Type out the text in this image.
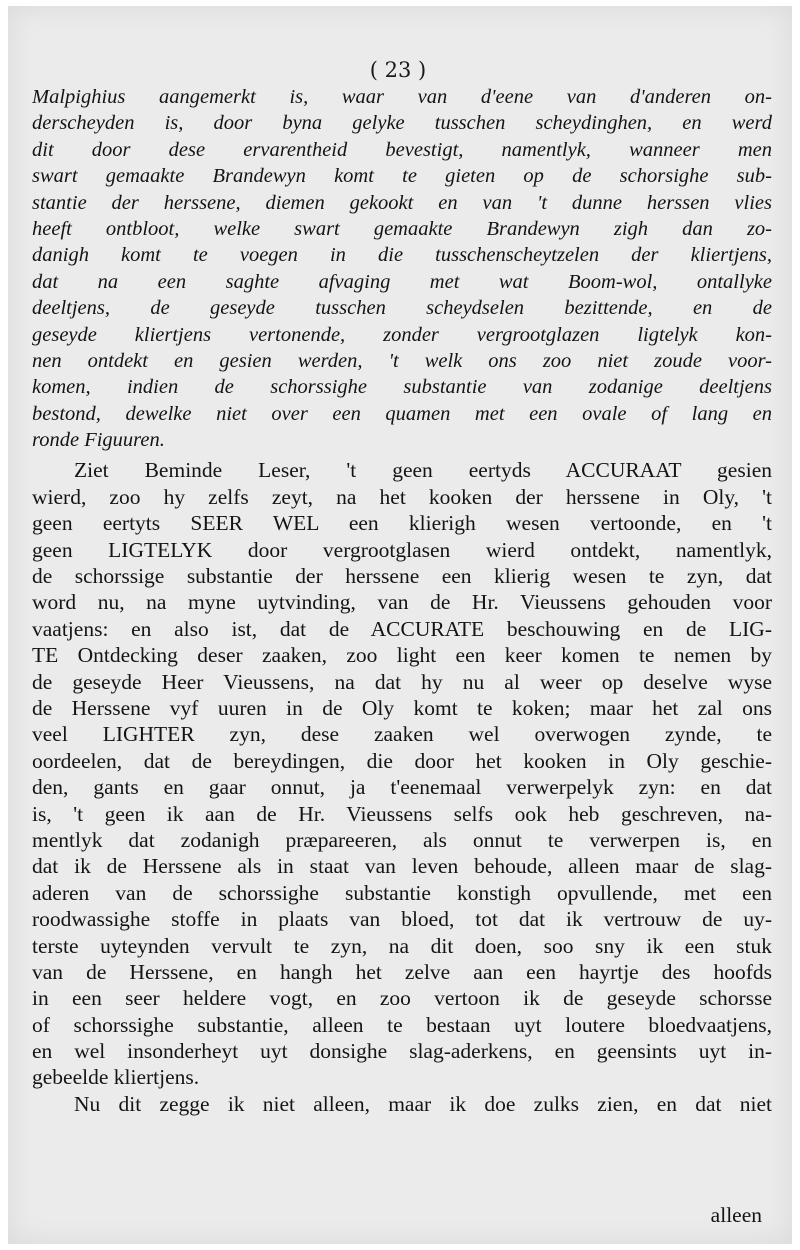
( 23 )
Malpighius aangemerkt is, waar van d'eene van d'anderen on-
derscheyden is, door byna gelyke tusschen scheydinghen, en werd
dit door dese ervarentheid bevestigt, namentlyk, wanneer men
swart gemaakte Brandewyn komt te gieten op de schorsighe sub-
stantie der herssene, diemen gekookt en van 't dunne herssen vlies
heeft ontbloot, welke swart gemaakte Brandewyn zigh dan zo-
danigh komt te voegen in die tusschenscheytzelen der kliertjens,
dat na een saghte afvaging met wat Boom-wol, ontallyke
deeltjens, de geseyde tusschen scheydselen bezittende, en de
geseyde kliertjens vertonende, zonder vergrootglazen ligtelyk kon-
nen ontdekt en gesien werden, 't welk ons zoo niet zoude voor-
komen, indien de schorssighe substantie van zodanige deeltjens
bestond, dewelke niet over een quamen met een ovale of lang en
ronde Figuuren.
Ziet Beminde Leser, 't geen eertyds ACCURAAT gesien
wierd, zoo hy zelfs zeyt, na het kooken der herssene in Oly, 't
geen eertyts SEER WEL een klierigh wesen vertoonde, en 't
geen LIGTELYK door vergrootglasen wierd ontdekt, namentlyk,
de schorssige substantie der herssene een klierig wesen te zyn, dat
word nu, na myne uytvinding, van de Hr. Vieussens gehouden voor
vaatjens: en also ist, dat de ACCURATE beschouwing en de LIG-
TE Ontdecking deser zaaken, zoo light een keer komen te nemen by
de geseyde Heer Vieussens, na dat hy nu al weer op deselve wyse
de Herssene vyf uuren in de Oly komt te koken; maar het zal ons
veel LIGHTER zyn, dese zaaken wel overwogen zynde, te
oordeelen, dat de bereydingen, die door het kooken in Oly geschie-
den, gants en gaar onnut, ja t'eenemaal verwerpelyk zyn: en dat
is, 't geen ik aan de Hr. Vieussens selfs ook heb geschreven, na-
mentlyk dat zodanigh præpareeren, als onnut te verwerpen is, en
dat ik de Herssene als in staat van leven behoude, alleen maar de slag-
aderen van de schorssighe substantie konstigh opvullende, met een
roodwassighe stoffe in plaats van bloed, tot dat ik vertrouw de uy-
terste uyteynden vervult te zyn, na dit doen, soo sny ik een stuk
van de Herssene, en hangh het zelve aan een hayrtje des hoofds
in een seer heldere vogt, en zoo vertoon ik de geseyde schorsse
of schorssighe substantie, alleen te bestaan uyt loutere bloedvaatjens,
en wel insonderheyt uyt donsighe slag-aderkens, en geensints uyt in-
gebeelde kliertjens.
Nu dit zegge ik niet alleen, maar ik doe zulks zien, en dat niet
alleen
